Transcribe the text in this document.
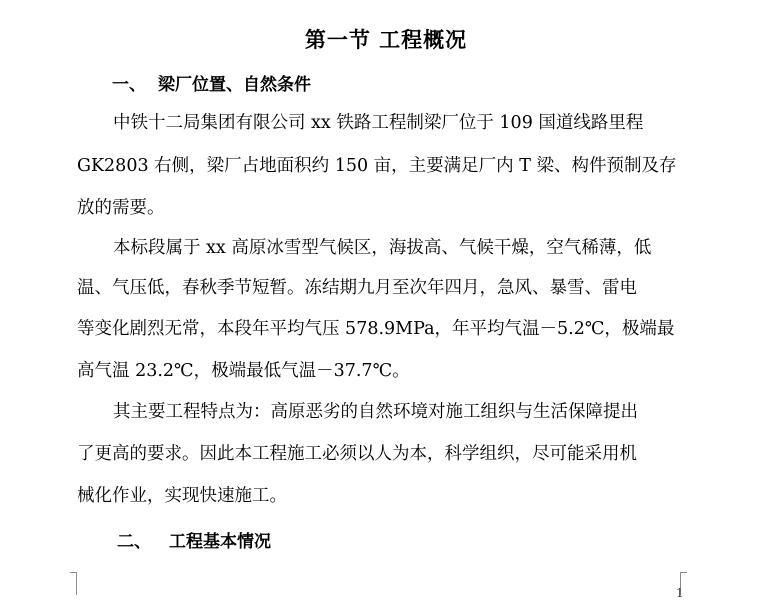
第一节 工程概况
一、 梁厂位置、自然条件
中铁十二局集团有限公司 xx 铁路工程制梁厂位于 109 国道线路里程
GK2803 右侧，梁厂占地面积约 150 亩，主要满足厂内 T 梁、构件预制及存
放的需要。
本标段属于 xx 高原冰雪型气候区，海拔高、气候干燥，空气稀薄，低
温、气压低，春秋季节短暂。冻结期九月至次年四月，急风、暴雪、雷电
等变化剧烈无常，本段年平均气压 578.9MPa，年平均气温－5.2℃，极端最
高气温 23.2℃，极端最低气温－37.7℃。
其主要工程特点为：高原恶劣的自然环境对施工组织与生活保障提出
了更高的要求。因此本工程施工必须以人为本，科学组织，尽可能采用机
械化作业，实现快速施工。
二、 工程基本情况
1
